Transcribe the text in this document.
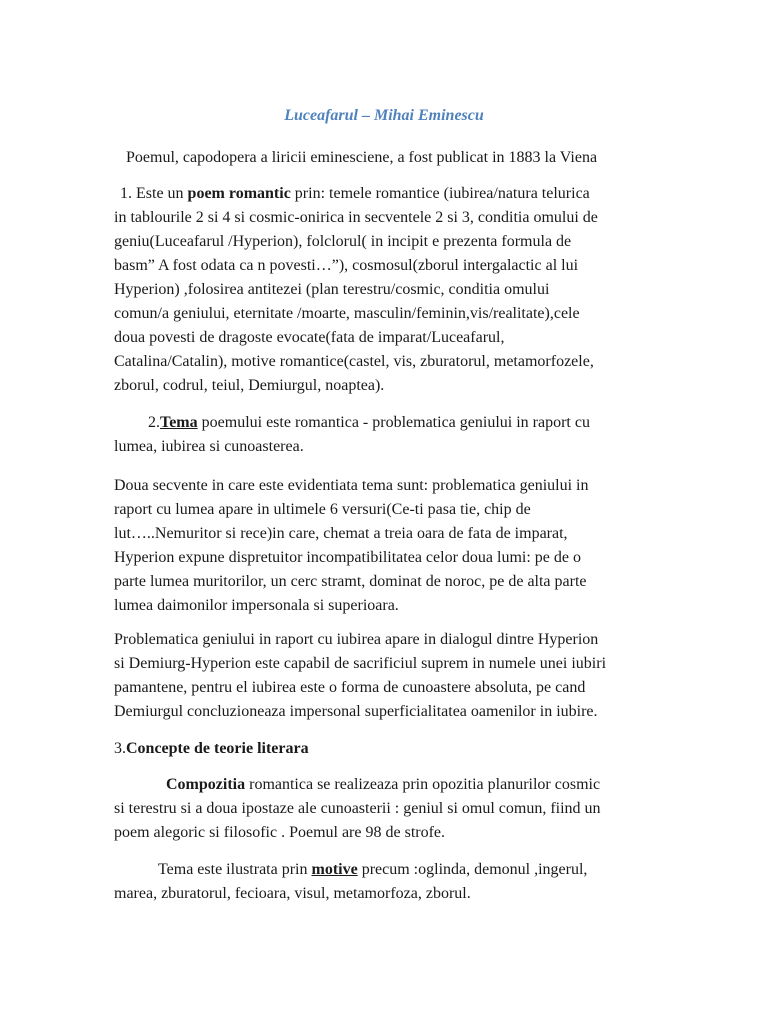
Luceafarul – Mihai Eminescu

Poemul, capodopera a liricii eminesciene, a fost publicat in 1883 la Viena

1. Este un poem romantic prin: temele romantice (iubirea/natura telurica
in tablourile 2 si 4 si cosmic-onirica in secventele 2 si 3, conditia omului de
geniu(Luceafarul /Hyperion), folclorul( in incipit e prezenta formula de
basm” A fost odata ca n povesti…”), cosmosul(zborul intergalactic al lui
Hyperion) ,folosirea antitezei (plan terestru/cosmic, conditia omului
comun/a geniului, eternitate /moarte, masculin/feminin,vis/realitate),cele
doua povesti de dragoste evocate(fata de imparat/Luceafarul,
Catalina/Catalin), motive romantice(castel, vis, zburatorul, metamorfozele,
zborul, codrul, teiul, Demiurgul, noaptea).

2.Tema poemului este romantica - problematica geniului in raport cu
lumea, iubirea si cunoasterea.

Doua secvente in care este evidentiata tema sunt: problematica geniului in
raport cu lumea apare in ultimele 6 versuri(Ce-ti pasa tie, chip de
lut…..Nemuritor si rece)in care, chemat a treia oara de fata de imparat,
Hyperion expune dispretuitor incompatibilitatea celor doua lumi: pe de o
parte lumea muritorilor, un cerc stramt, dominat de noroc, pe de alta parte
lumea daimonilor impersonala si superioara.

Problematica geniului in raport cu iubirea apare in dialogul dintre Hyperion
si Demiurg-Hyperion este capabil de sacrificiul suprem in numele unei iubiri
pamantene, pentru el iubirea este o forma de cunoastere absoluta, pe cand
Demiurgul concluzioneaza impersonal superficialitatea oamenilor in iubire.

3.Concepte de teorie literara

Compozitia romantica se realizeaza prin opozitia planurilor cosmic
si terestru si a doua ipostaze ale cunoasterii : geniul si omul comun, fiind un
poem alegoric si filosofic . Poemul are 98 de strofe.

Tema este ilustrata prin motive precum :oglinda, demonul ,ingerul,
marea, zburatorul, fecioara, visul, metamorfoza, zborul.
